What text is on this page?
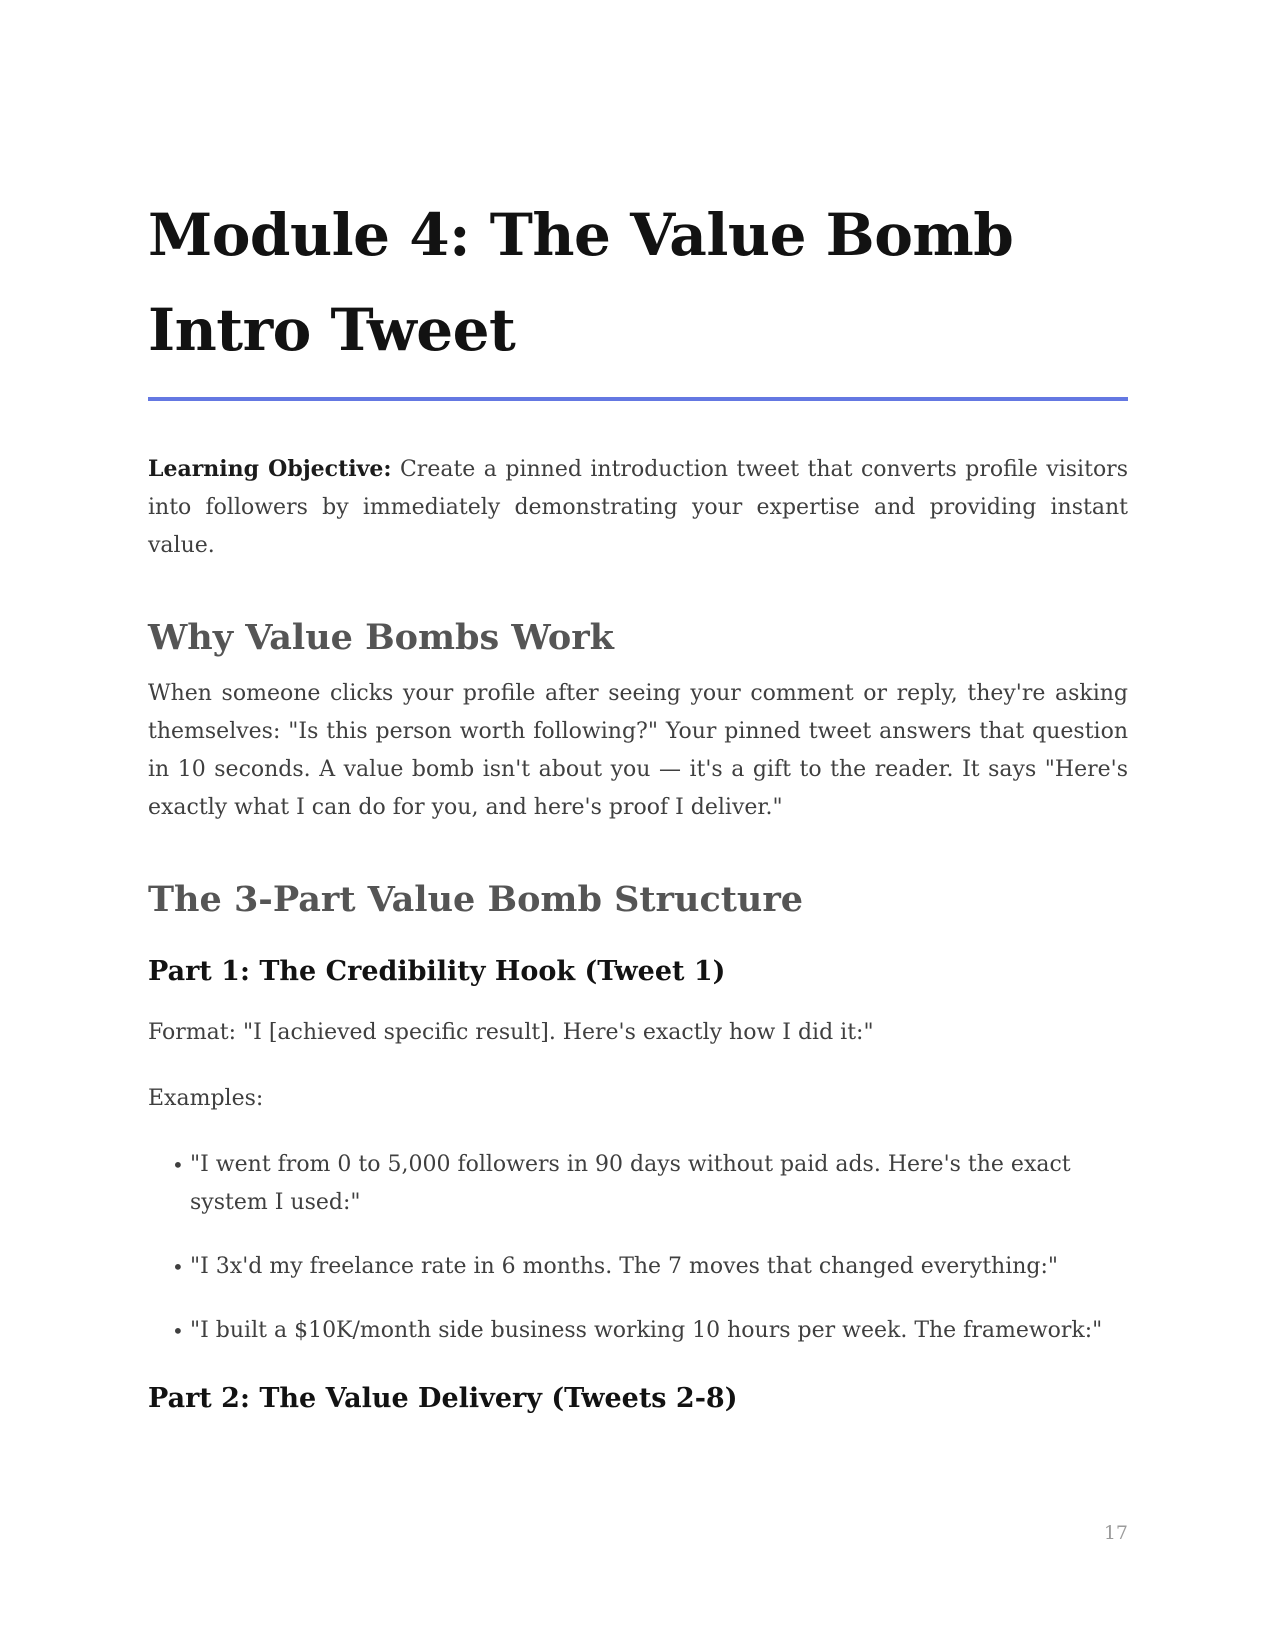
Module 4: The Value Bomb
Intro Tweet

Learning Objective: Create a pinned introduction tweet that converts profile visitors into followers by immediately demonstrating your expertise and providing instant value.

Why Value Bombs Work

When someone clicks your profile after seeing your comment or reply, they're asking themselves: "Is this person worth following?" Your pinned tweet answers that question in 10 seconds. A value bomb isn't about you — it's a gift to the reader. It says "Here's exactly what I can do for you, and here's proof I deliver."

The 3-Part Value Bomb Structure
Part 1: The Credibility Hook (Tweet 1)

Format: "I [achieved specific result]. Here's exactly how I did it:"

Examples:

• "I went from 0 to 5,000 followers in 90 days without paid ads. Here's the exact system I used:"
• "I 3x'd my freelance rate in 6 months. The 7 moves that changed everything:"
• "I built a $10K/month side business working 10 hours per week. The framework:"
Part 2: The Value Delivery (Tweets 2-8)
17
